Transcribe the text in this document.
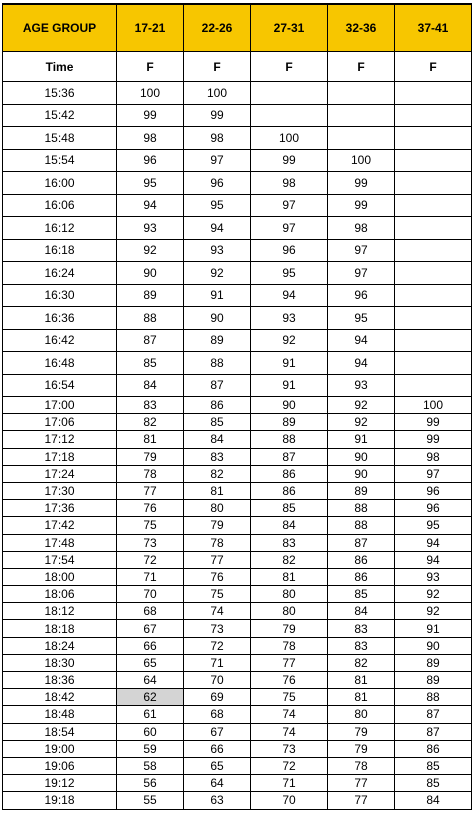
AGE GROUP	17-21	22-26	27-31	32-36	37-41
Time	F	F	F	F	F
15:36	100	100			
15:42	99	99			
15:48	98	98	100		
15:54	96	97	99	100	
16:00	95	96	98	99	
16:06	94	95	97	99	
16:12	93	94	97	98	
16:18	92	93	96	97	
16:24	90	92	95	97	
16:30	89	91	94	96	
16:36	88	90	93	95	
16:42	87	89	92	94	
16:48	85	88	91	94	
16:54	84	87	91	93	
17:00	83	86	90	92	100
17:06	82	85	89	92	99
17:12	81	84	88	91	99
17:18	79	83	87	90	98
17:24	78	82	86	90	97
17:30	77	81	86	89	96
17:36	76	80	85	88	96
17:42	75	79	84	88	95
17:48	73	78	83	87	94
17:54	72	77	82	86	94
18:00	71	76	81	86	93
18:06	70	75	80	85	92
18:12	68	74	80	84	92
18:18	67	73	79	83	91
18:24	66	72	78	83	90
18:30	65	71	77	82	89
18:36	64	70	76	81	89
18:42	62	69	75	81	88
18:48	61	68	74	80	87
18:54	60	67	74	79	87
19:00	59	66	73	79	86
19:06	58	65	72	78	85
19:12	56	64	71	77	85
19:18	55	63	70	77	84
